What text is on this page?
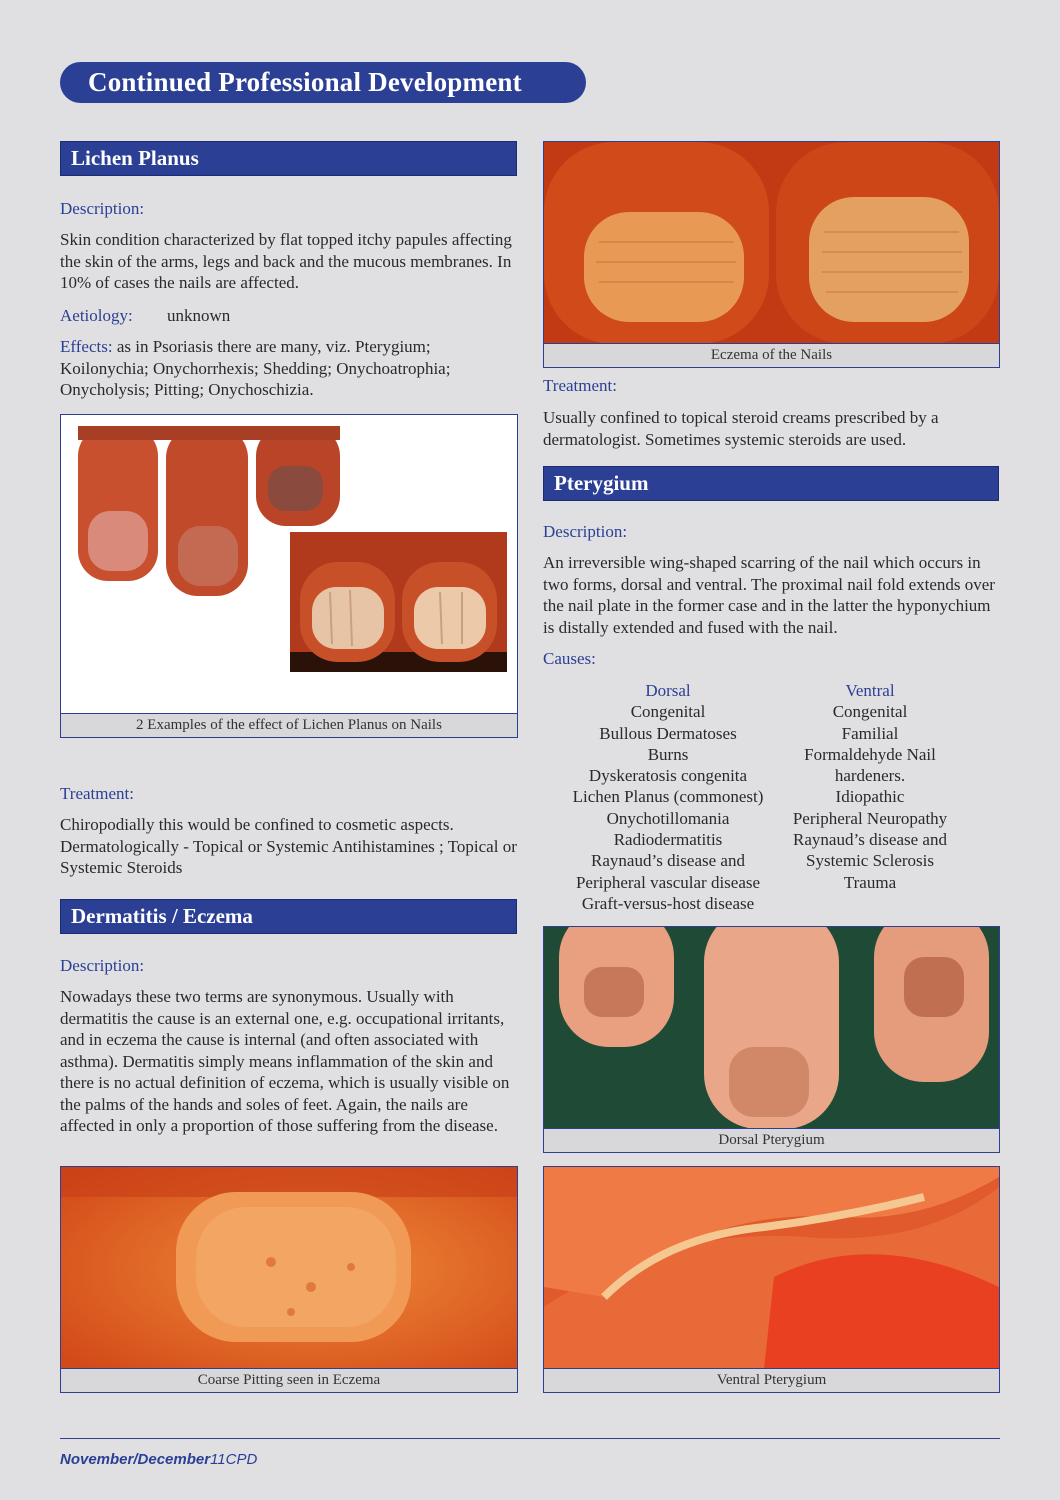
Continued Professional Development
Lichen Planus
Description:
Skin condition characterized by flat topped itchy papules affecting the skin of the arms, legs and back and the mucous membranes. In 10% of cases the nails are affected.
Aetiology: unknown
Effects: as in Psoriasis there are many, viz. Pterygium; Koilonychia; Onychorrhexis; Shedding; Onychoatrophia; Onycholysis; Pitting; Onychoschizia.
2 Examples of the effect of Lichen Planus on Nails
Treatment:
Chiropodially this would be confined to cosmetic aspects. Dermatologically - Topical or Systemic Antihistamines ; Topical or Systemic Steroids
Dermatitis / Eczema
Description:
Nowadays these two terms are synonymous. Usually with dermatitis the cause is an external one, e.g. occupational irritants, and in eczema the cause is internal (and often associated with asthma). Dermatitis simply means inflammation of the skin and there is no actual definition of eczema, which is usually visible on the palms of the hands and soles of feet. Again, the nails are affected in only a proportion of those suffering from the disease.
Coarse Pitting seen in Eczema
Eczema of the Nails
Treatment:
Usually confined to topical steroid creams prescribed by a dermatologist. Sometimes systemic steroids are used.
Pterygium
Description:
An irreversible wing-shaped scarring of the nail which occurs in two forms, dorsal and ventral. The proximal nail fold extends over the nail plate in the former case and in the latter the hyponychium is distally extended and fused with the nail.
Causes:
Dorsal
Congenital
Bullous Dermatoses
Burns
Dyskeratosis congenita
Lichen Planus (commonest)
Onychotillomania
Radiodermatitis
Raynaud’s disease and
Peripheral vascular disease
Graft-versus-host disease
Ventral
Congenital
Familial
Formaldehyde Nail
hardeners.
Idiopathic
Peripheral Neuropathy
Raynaud’s disease and
Systemic Sclerosis
Trauma
Dorsal Pterygium
Ventral Pterygium
November/December11CPD
